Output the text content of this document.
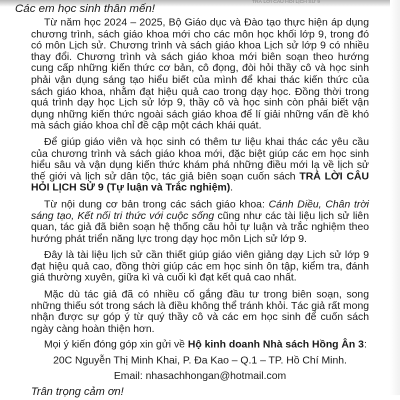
TRẢ LỜI CÂU HỎI LỊCH SỬ 9
Các em học sinh thân mến!
Từ năm học 2024 – 2025, Bộ Giáo dục và Đào tạo thực hiện áp dụng chương trình, sách giáo khoa mới cho các môn học khối lớp 9, trong đó có môn Lịch sử. Chương trình và sách giáo khoa Lịch sử lớp 9 có nhiều thay đổi. Chương trình và sách giáo khoa mới biên soạn theo hướng cung cấp những kiến thức cơ bản, cô đọng, đòi hỏi thầy cô và học sinh phải vận dụng sáng tạo hiểu biết của mình để khai thác kiến thức của sách giáo khoa, nhằm đạt hiệu quả cao trong dạy học. Đồng thời trong quá trình dạy học Lịch sử lớp 9, thầy cô và học sinh còn phải biết vận dụng những kiến thức ngoài sách giáo khoa để lí giải những vấn đề khó mà sách giáo khoa chỉ đề cập một cách khái quát.
Để giúp giáo viên và học sinh có thêm tư liệu khai thác các yêu cầu của chương trình và sách giáo khoa mới, đặc biệt giúp các em học sinh hiểu sâu và vận dụng kiến thức khám phá những điều mới lạ về lịch sử thế giới và lịch sử dân tộc, tác giả biên soạn cuốn sách TRẢ LỜI CÂU HỎI LỊCH SỬ 9 (Tự luận và Trắc nghiệm).
Từ nội dung cơ bản trong các sách giáo khoa: Cánh Diều, Chân trời sáng tạo, Kết nối tri thức với cuộc sống cũng như các tài liệu lịch sử liên quan, tác giả đã biên soạn hệ thống câu hỏi tự luận và trắc nghiệm theo hướng phát triển năng lực trong dạy học môn Lịch sử lớp 9.
Đây là tài liệu lịch sử cần thiết giúp giáo viên giảng dạy Lịch sử lớp 9 đạt hiệu quả cao, đồng thời giúp các em học sinh ôn tập, kiểm tra, đánh giá thường xuyên, giữa kì và cuối kì đạt kết quả cao nhất.
Mặc dù tác giả đã có nhiều cố gắng đầu tư trong biên soạn, song những thiếu sót trong sách là điều không thể tránh khỏi. Tác giả rất mong nhận được sự góp ý từ quý thầy cô và các em học sinh để cuốn sách ngày càng hoàn thiện hơn.
Mọi ý kiến đóng góp xin gửi về Hộ kinh doanh Nhà sách Hồng Ân 3:
20C Nguyễn Thị Minh Khai, P. Đa Kao – Q.1 – TP. Hồ Chí Minh.
Email: nhasachhongan@hotmail.com
Trân trọng cảm ơn!
